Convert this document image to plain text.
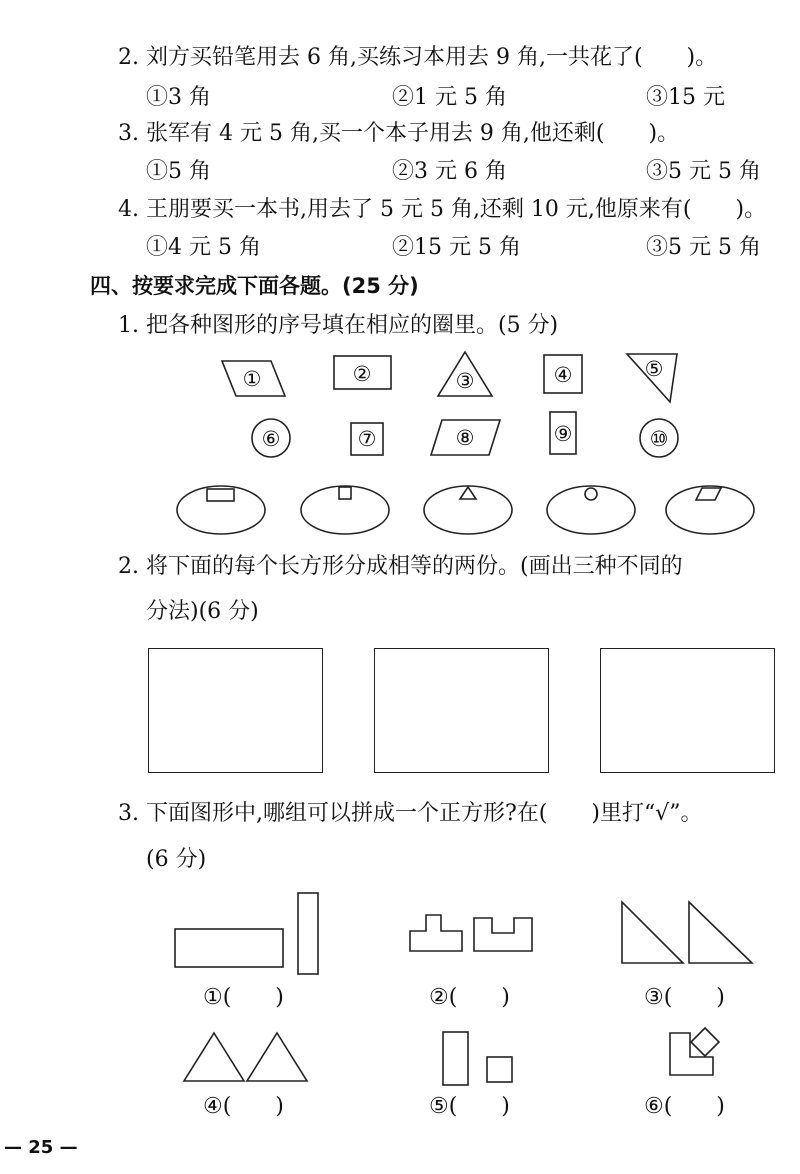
2. 刘方买铅笔用去 6 角,买练习本用去 9 角,一共花了(　　)。
①3 角	②1 元 5 角	③15 元
3. 张军有 4 元 5 角,买一个本子用去 9 角,他还剩(　　)。
①5 角	②3 元 6 角	③5 元 5 角
4. 王朋要买一本书,用去了 5 元 5 角,还剩 10 元,他原来有(　　)。
①4 元 5 角	②15 元 5 角	③5 元 5 角
四、按要求完成下面各题。(25 分)
1. 把各种图形的序号填在相应的圈里。(5 分)
①	②	③	④	⑤
⑥	⑦	⑧	⑨	⑩
2. 将下面的每个长方形分成相等的两份。(画出三种不同的
分法)(6 分)
3. 下面图形中,哪组可以拼成一个正方形?在(　　)里打“√”。
(6 分)
①(　　)	②(　　)	③(　　)
④(　　)	⑤(　　)	⑥(　　)
— 25 —
